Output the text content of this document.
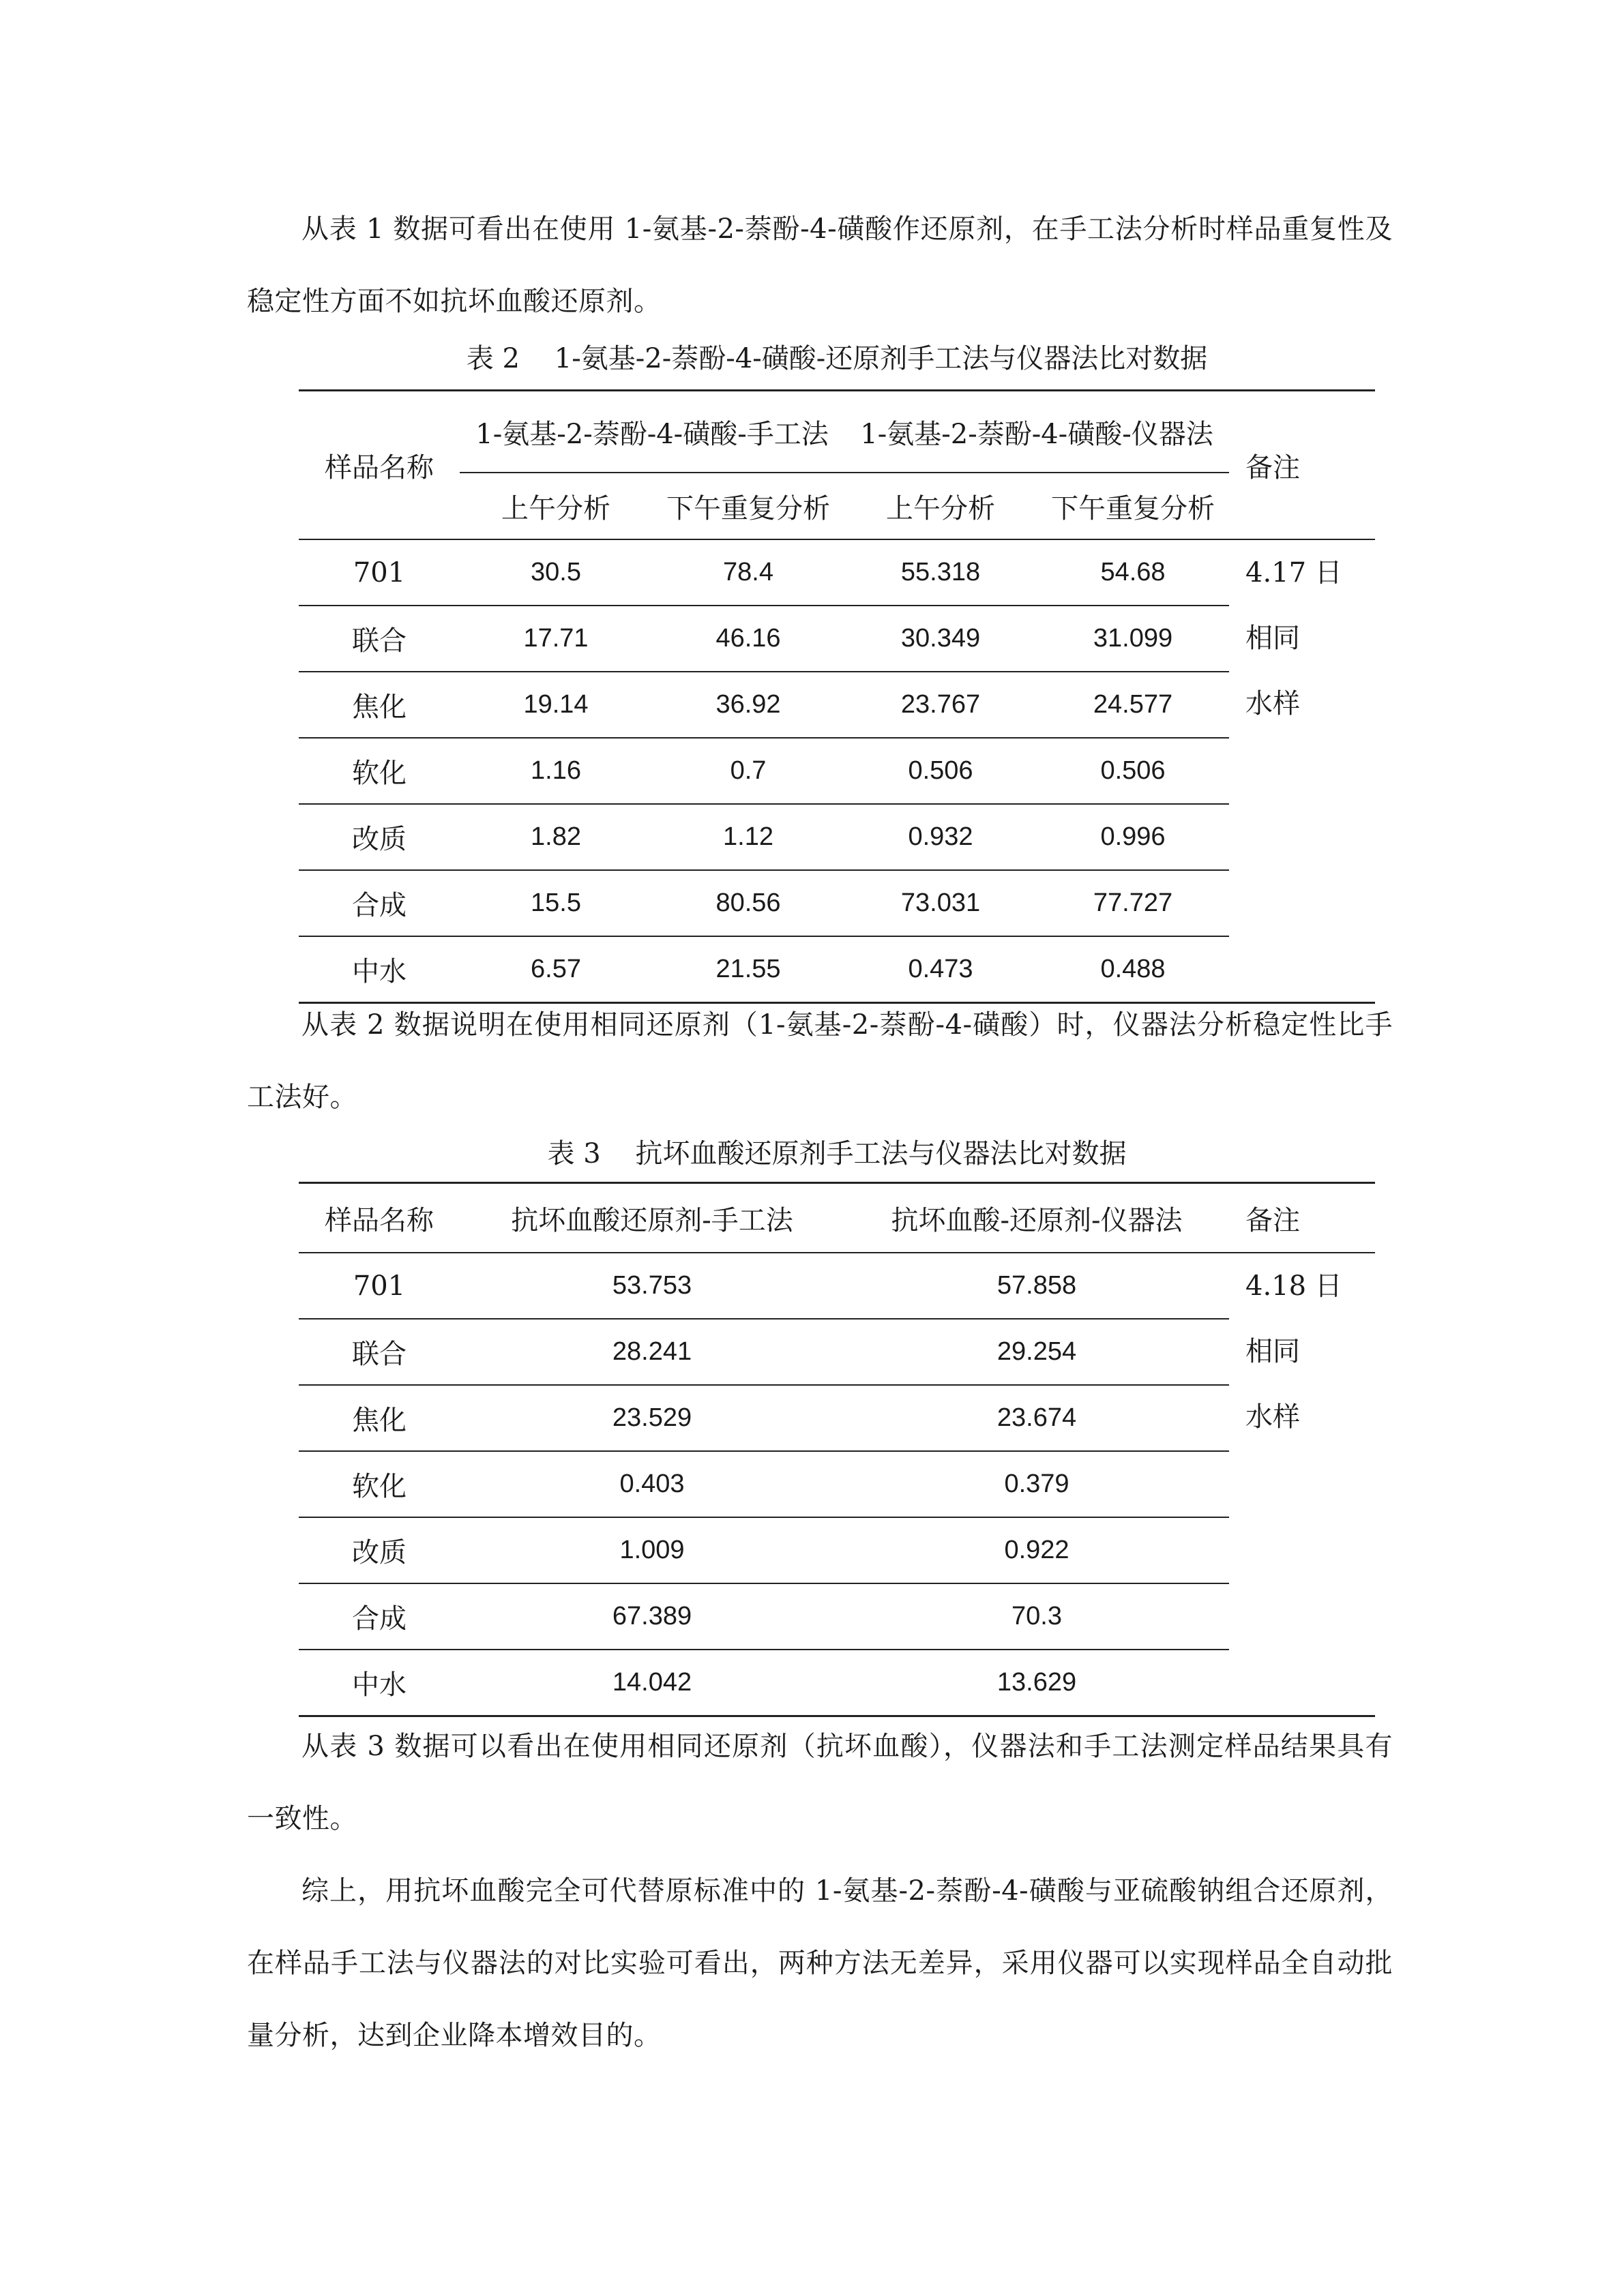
从表 1 数据可看出在使用 1-氨基-2-萘酚-4-磺酸作还原剂，在手工法分析时样品重复性及稳定性方面不如抗坏血酸还原剂。

表 2    1-氨基-2-萘酚-4-磺酸-还原剂手工法与仪器法比对数据
样品名称	1-氨基-2-萘酚-4-磺酸-手工法		1-氨基-2-萘酚-4-磺酸-仪器法		备注
	上午分析	下午重复分析	上午分析	下午重复分析	
701	30.5	78.4	55.318	54.68	4.17 日
相同
水样

联合	17.71	46.16	30.349	31.099	
焦化	19.14	36.92	23.767	24.577	
软化	1.16	0.7	0.506	0.506	
改质	1.82	1.12	0.932	0.996	
合成	15.5	80.56	73.031	77.727	
中水	6.57	21.55	0.473	0.488	

从表 2 数据说明在使用相同还原剂（1-氨基-2-萘酚-4-磺酸）时，仪器法分析稳定性比手工法好。

表 3    抗坏血酸还原剂手工法与仪器法比对数据
样品名称	抗坏血酸还原剂-手工法	抗坏血酸-还原剂-仪器法	备注
701	53.753	57.858	4.18 日
相同
水样

联合	28.241	29.254	
焦化	23.529	23.674	
软化	0.403	0.379	
改质	1.009	0.922	
合成	67.389	70.3	
中水	14.042	13.629	

从表 3 数据可以看出在使用相同还原剂（抗坏血酸），仪器法和手工法测定样品结果具有一致性。

综上，用抗坏血酸完全可代替原标准中的 1-氨基-2-萘酚-4-磺酸与亚硫酸钠组合还原剂，在样品手工法与仪器法的对比实验可看出，两种方法无差异，采用仪器可以实现样品全自动批量分析，达到企业降本增效目的。
